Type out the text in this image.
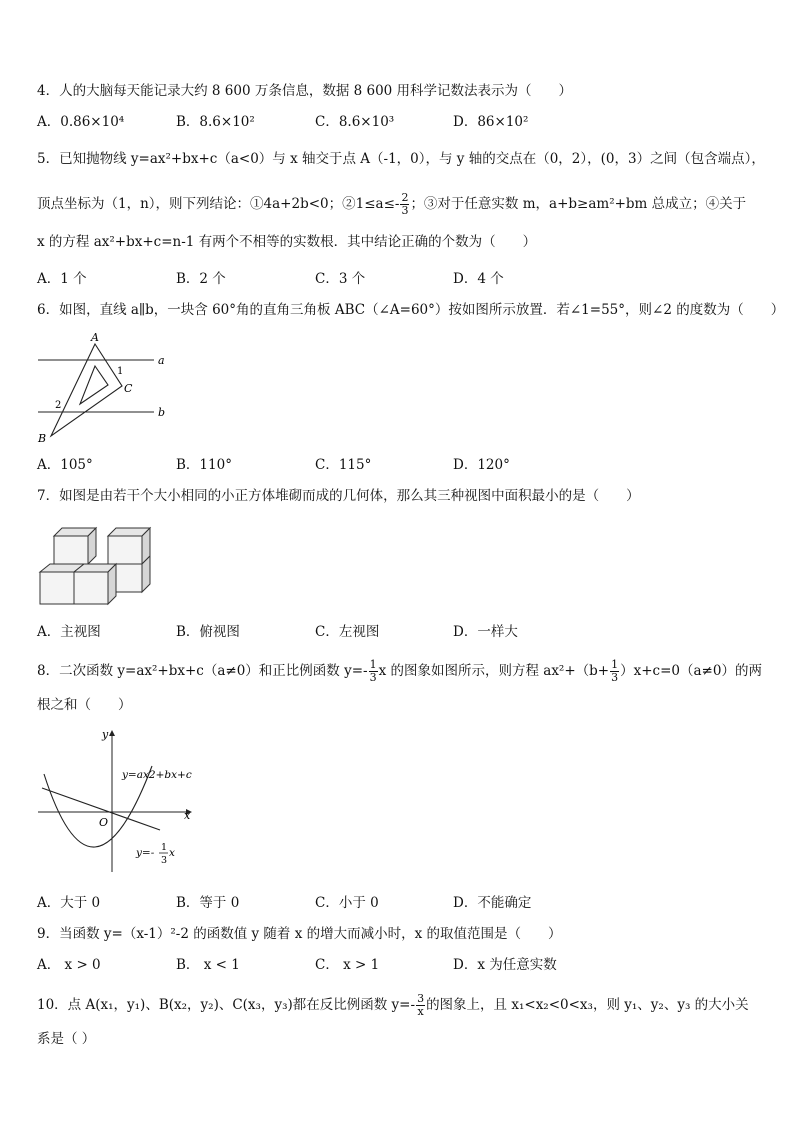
4．人的大脑每天能记录大约 8 600 万条信息，数据 8 600 用科学记数法表示为（　　）
A．0.86×10⁴	B．8.6×10²	C．8.6×10³	D．86×10²
5．已知抛物线 y=ax²+bx+c（a<0）与 x 轴交于点 A（-1，0），与 y 轴的交点在（0，2），(0，3）之间（包含端点），
顶点坐标为（1，n），则下列结论：①4a+2b<0；②1≤a≤- $\frac{2}{3}$ ；③对于任意实数 m，a+b≥am²+bm 总成立；④关于
x 的方程 ax²+bx+c=n-1 有两个不相等的实数根．其中结论正确的个数为（　　）
A．1 个	B．2 个	C．3 个	D．4 个
6．如图，直线 a∥b，一块含 60°角的直角三角板 ABC（∠A=60°）按如图所示放置．若∠1=55°，则∠2 的度数为（　　）
A
B
C
a
b
1
2
A．105°	B．110°	C．115°	D．120°
7．如图是由若干个大小相同的小正方体堆砌而成的几何体，那么其三种视图中面积最小的是（　　）
A．主视图	B．俯视图	C．左视图	D．一样大
8．二次函数 y=ax²+bx+c（a≠0）和正比例函数 $y=- \frac{1}{3}$ x 的图象如图所示，则方程 $ax^2+(b+ \frac{1}{3} )x+c=0(a\ne 0)$的两
根之和（　　）
x
y
O
y=ax2+bx+c
y=- 1
3
x
A．大于 0	B．等于 0	C．小于 0	D．不能确定
9．当函数 y=（x-1）²-2 的函数值 y 随着 x 的增大而减小时，x 的取值范围是（　　）
A． x > 0	B． x < 1	C． x > 1	D．x 为任意实数
10．点 A(x₁，y₁)、B(x₂，y₂)、C(x₃，y₃)都在反比例函数 $y=- \frac{3}{x}$ 的图象上，且 x₁<x₂<0<x₃，则 y₁、y₂、y₃ 的大小关
系是（ ）
